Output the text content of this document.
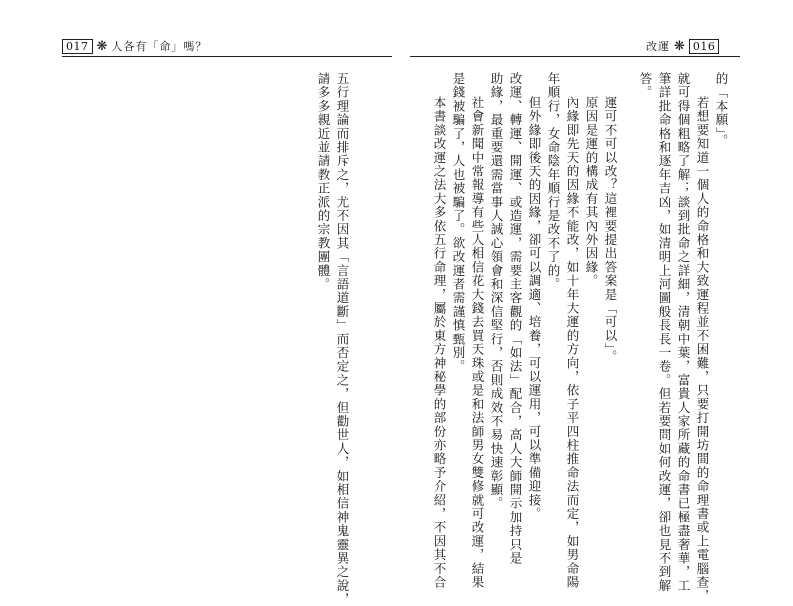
017 ❋ 人各有「命」嗎？	改運 ❋ 016
五行理論而排斥之，尤不因其「言語道斷」而否定之，但勸世人，如相信神鬼靈異之說，
請多多親近並請教正派的宗教團體。	的「本願」。
若想要知道一個人的命格和大致運程並不困難，只要打開坊間的命理書或上電腦查，
就可得個粗略了解；談到批命之詳細，清朝中葉，富貴人家所藏的命書已極盡奢華，工
筆詳批命格和逐年吉凶，如清明上河圖般長長一卷。但若要問如何改運，卻也見不到解
答。
運可不可以改？這裡要提出答案是「可以」。
原因是運的構成有其內外因緣。
內緣即先天的因緣不能改，如十年大運的方向，依子平四柱推命法而定，如男命陽
年順行，女命陰年順行是改不了的。
但外緣即後天的因緣，卻可以調適、培養，可以運用，可以準備迎接。
改運、轉運、開運、或造運，需要主客觀的「如法」配合，高人大師開示加持只是
助緣，最重要還需當事人誠心領會和深信堅行，否則成效不易快速彰顯。
社會新聞中常報導有些人相信花大錢去買天珠或是和法師男女雙修就可改運，結果
是錢被騙了，人也被騙了。欲改運者需謹慎甄別。
本書談改運之法大多依五行命理，屬於東方神秘學的部份亦略予介紹，不因其不合
